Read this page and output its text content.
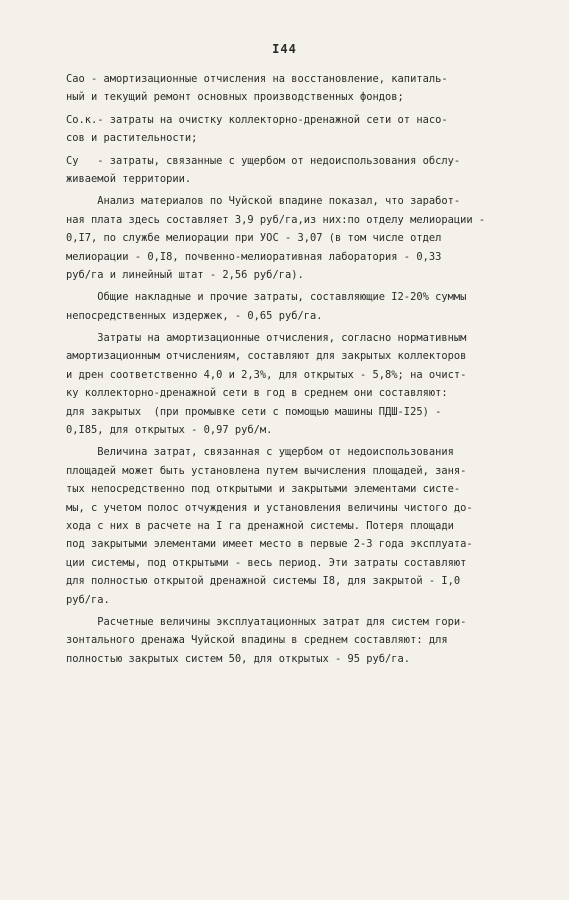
I44
Сао - амортизационные отчисления на восстановление, капиталь-
ный и текущий ремонт основных производственных фондов;
Со.к.- затраты на очистку коллекторно-дренажной сети от насо-
сов и растительности;
Су   - затраты, связанные с ущербом от недоиспользования обслу-
живаемой территории.
Анализ материалов по Чуйской впадине показал, что заработ-
ная плата здесь составляет 3,9 руб/га,из них:по отделу мелиорации -
0,I7, по службе мелиорации при УОС - 3,07 (в том числе отдел
мелиорации - 0,I8, почвенно-мелиоративная лаборатория - 0,33
руб/га и линейный штат - 2,56 руб/га).
Общие накладные и прочие затраты, составляющие I2-20% суммы
непосредственных издержек, - 0,65 руб/га.
Затраты на амортизационные отчисления, согласно нормативным
амортизационным отчислениям, составляют для закрытых коллекторов
и дрен соответственно 4,0 и 2,3%, для открытых - 5,8%; на очист-
ку коллекторно-дренажной сети в год в среднем они составляют:
для закрытых  (при промывке сети с помощью машины ПДШ-I25) -
0,I85, для открытых - 0,97 руб/м.
Величина затрат, связанная с ущербом от недоиспользования
площадей может быть установлена путем вычисления площадей, заня-
тых непосредственно под открытыми и закрытыми элементами систе-
мы, с учетом полос отчуждения и установления величины чистого до-
хода с них в расчете на I га дренажной системы. Потеря площади
под закрытыми элементами имеет место в первые 2-3 года эксплуата-
ции системы, под открытыми - весь период. Эти затраты составляют
для полностью открытой дренажной системы I8, для закрытой - I,0
руб/га.
Расчетные величины эксплуатационных затрат для систем гори-
зонтального дренажа Чуйской впадины в среднем составляют: для
полностью закрытых систем 50, для открытых - 95 руб/га.
